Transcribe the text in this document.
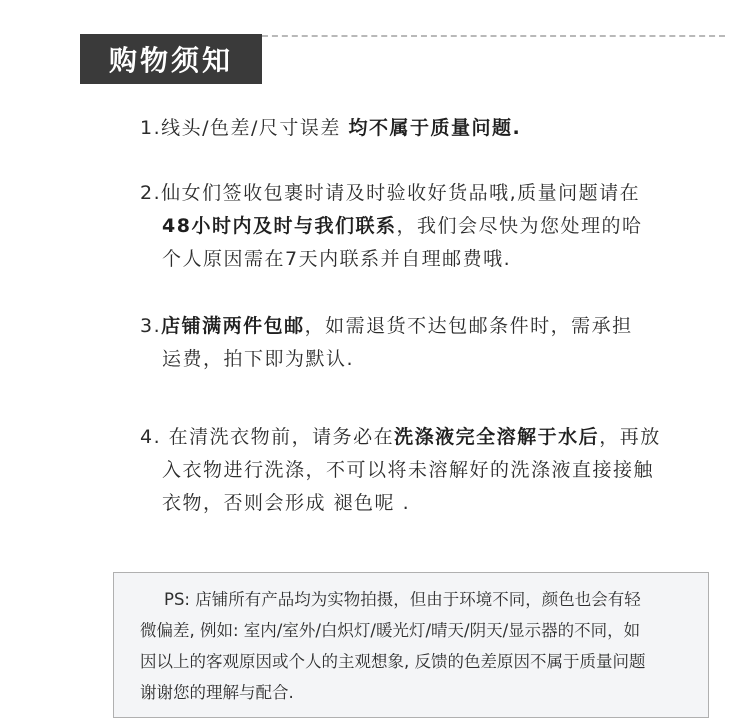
购物须知
1.线头/色差/尺寸误差 均不属于质量问题.
2.仙女们签收包裹时请及时验收好货品哦,质量问题请在
48小时内及时与我们联系，我们会尽快为您处理的哈
个人原因需在7天内联系并自理邮费哦.
3.店铺满两件包邮，如需退货不达包邮条件时，需承担
运费，拍下即为默认.
4. 在清洗衣物前，请务必在洗涤液完全溶解于水后，再放
入衣物进行洗涤，不可以将未溶解好的洗涤液直接接触
衣物，否则会形成 褪色呢 .
PS: 店铺所有产品均为实物拍摄，但由于环境不同，颜色也会有轻
微偏差, 例如: 室内/室外/白炽灯/暖光灯/晴天/阴天/显示器的不同，如
因以上的客观原因或个人的主观想象, 反馈的色差原因不属于质量问题
谢谢您的理解与配合.
